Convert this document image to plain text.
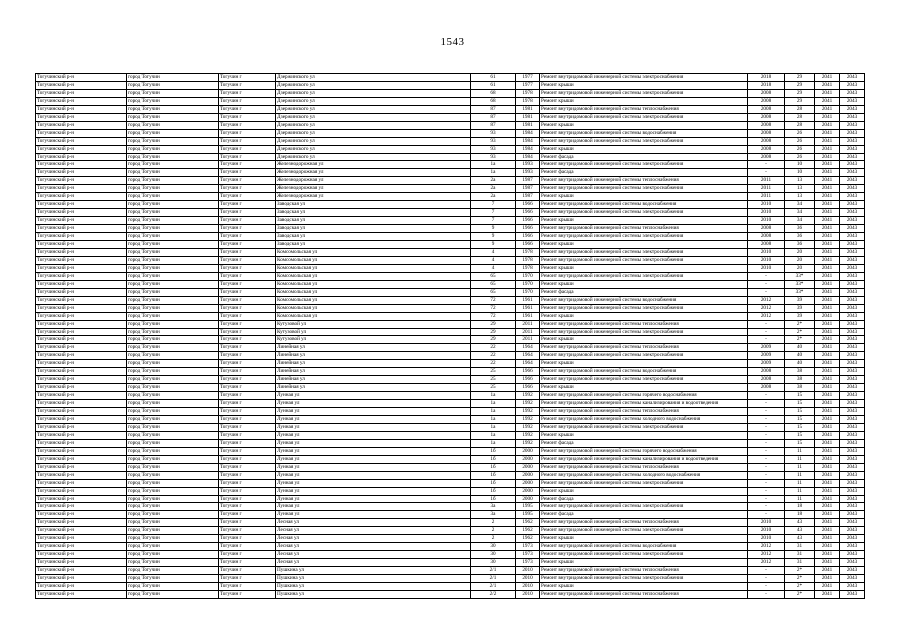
1543
Тогучинский р-н	город Тогучин	Тогучин г	Дзержинского ул	61	1977	Ремонт внутридомовой инженерной системы электроснабжения	2018	29	2041	2043
Тогучинский р-н	город Тогучин	Тогучин г	Дзержинского ул	61	1977	Ремонт крыши	2018	29	2041	2043
Тогучинский р-н	город Тогучин	Тогучин г	Дзержинского ул	68	1978	Ремонт внутридомовой инженерной системы электроснабжения	2008	29	2041	2043
Тогучинский р-н	город Тогучин	Тогучин г	Дзержинского ул	68	1978	Ремонт крыши	2008	29	2041	2043
Тогучинский р-н	город Тогучин	Тогучин г	Дзержинского ул	87	1981	Ремонт внутридомовой инженерной системы теплоснабжения	2008	28	2041	2043
Тогучинский р-н	город Тогучин	Тогучин г	Дзержинского ул	87	1981	Ремонт внутридомовой инженерной системы электроснабжения	2008	28	2041	2043
Тогучинский р-н	город Тогучин	Тогучин г	Дзержинского ул	87	1981	Ремонт крыши	2008	28	2041	2043
Тогучинский р-н	город Тогучин	Тогучин г	Дзержинского ул	93	1984	Ремонт внутридомовой инженерной системы водоснабжения	2008	26	2041	2043
Тогучинский р-н	город Тогучин	Тогучин г	Дзержинского ул	93	1984	Ремонт внутридомовой инженерной системы электроснабжения	2008	26	2041	2043
Тогучинский р-н	город Тогучин	Тогучин г	Дзержинского ул	93	1984	Ремонт крыши	2008	26	2041	2043
Тогучинский р-н	город Тогучин	Тогучин г	Дзержинского ул	93	1984	Ремонт фасада	2008	26	2041	2043
Тогучинский р-н	город Тогучин	Тогучин г	Железнодорожная ул	1а	1993	Ремонт внутридомовой инженерной системы электроснабжения	-	10	2041	2043
Тогучинский р-н	город Тогучин	Тогучин г	Железнодорожная ул	1а	1993	Ремонт фасада	-	10	2041	2043
Тогучинский р-н	город Тогучин	Тогучин г	Железнодорожная ул	2а	1987	Ремонт внутридомовой инженерной системы теплоснабжения	2011	13	2041	2043
Тогучинский р-н	город Тогучин	Тогучин г	Железнодорожная ул	2а	1987	Ремонт внутридомовой инженерной системы электроснабжения	2011	13	2041	2043
Тогучинский р-н	город Тогучин	Тогучин г	Железнодорожная ул	2а	1987	Ремонт крыши	2011	13	2041	2043
Тогучинский р-н	город Тогучин	Тогучин г	Заводская ул	7	1966	Ремонт внутридомовой инженерной системы водоснабжения	2010	34	2041	2043
Тогучинский р-н	город Тогучин	Тогучин г	Заводская ул	7	1966	Ремонт внутридомовой инженерной системы электроснабжения	2010	34	2041	2043
Тогучинский р-н	город Тогучин	Тогучин г	Заводская ул	7	1966	Ремонт крыши	2010	34	2041	2043
Тогучинский р-н	город Тогучин	Тогучин г	Заводская ул	9	1966	Ремонт внутридомовой инженерной системы теплоснабжения	2008	36	2041	2043
Тогучинский р-н	город Тогучин	Тогучин г	Заводская ул	9	1966	Ремонт внутридомовой инженерной системы электроснабжения	2008	36	2041	2043
Тогучинский р-н	город Тогучин	Тогучин г	Заводская ул	9	1966	Ремонт крыши	2008	36	2041	2043
Тогучинский р-н	город Тогучин	Тогучин г	Комсомольская ул	4	1978	Ремонт внутридомовой инженерной системы электроснабжения	2010	20	2041	2043
Тогучинский р-н	город Тогучин	Тогучин г	Комсомольская ул	4	1978	Ремонт внутридомовой инженерной системы электроснабжения	2010	20	2041	2043
Тогучинский р-н	город Тогучин	Тогучин г	Комсомольская ул	4	1978	Ремонт крыши	2010	20	2041	2043
Тогучинский р-н	город Тогучин	Тогучин г	Комсомольская ул	65	1970	Ремонт внутридомовой инженерной системы электроснабжения	-	33*	2041	2043
Тогучинский р-н	город Тогучин	Тогучин г	Комсомольская ул	65	1970	Ремонт крыши	-	33*	2041	2043
Тогучинский р-н	город Тогучин	Тогучин г	Комсомольская ул	65	1970	Ремонт фасада	-	33*	2041	2043
Тогучинский р-н	город Тогучин	Тогучин г	Комсомольская ул	72	1961	Ремонт внутридомовой инженерной системы водоснабжения	2012	39	2041	2043
Тогучинский р-н	город Тогучин	Тогучин г	Комсомольская ул	72	1961	Ремонт внутридомовой инженерной системы электроснабжения	2012	39	2041	2043
Тогучинский р-н	город Тогучин	Тогучин г	Комсомольская ул	72	1961	Ремонт крыши	2012	39	2041	2043
Тогучинский р-н	город Тогучин	Тогучин г	Кутузовой ул	29	2011	Ремонт внутридомовой инженерной системы теплоснабжения	-	2*	2041	2043
Тогучинский р-н	город Тогучин	Тогучин г	Кутузовой ул	29	2011	Ремонт внутридомовой инженерной системы электроснабжения	-	2*	2041	2043
Тогучинский р-н	город Тогучин	Тогучин г	Кутузовой ул	29	2011	Ремонт крыши	-	2*	2041	2043
Тогучинский р-н	город Тогучин	Тогучин г	Линейная ул	22	1964	Ремонт внутридомовой инженерной системы теплоснабжения	2009	40	2041	2043
Тогучинский р-н	город Тогучин	Тогучин г	Линейная ул	22	1964	Ремонт внутридомовой инженерной системы электроснабжения	2009	40	2041	2043
Тогучинский р-н	город Тогучин	Тогучин г	Линейная ул	22	1964	Ремонт крыши	2009	40	2041	2043
Тогучинский р-н	город Тогучин	Тогучин г	Линейная ул	25	1966	Ремонт внутридомовой инженерной системы водоснабжения	2008	38	2041	2043
Тогучинский р-н	город Тогучин	Тогучин г	Линейная ул	25	1966	Ремонт внутридомовой инженерной системы электроснабжения	2008	38	2041	2043
Тогучинский р-н	город Тогучин	Тогучин г	Линейная ул	25	1966	Ремонт крыши	2008	38	2041	2043
Тогучинский р-н	город Тогучин	Тогучин г	Лунная ул	1а	1992	Ремонт внутридомовой инженерной системы горячего водоснабжения	-	15	2041	2043
Тогучинский р-н	город Тогучин	Тогучин г	Лунная ул	1а	1992	Ремонт внутридомовой инженерной системы канализирования и водоотведения	-	15	2041	2043
Тогучинский р-н	город Тогучин	Тогучин г	Лунная ул	1а	1992	Ремонт внутридомовой инженерной системы теплоснабжения	-	15	2041	2043
Тогучинский р-н	город Тогучин	Тогучин г	Лунная ул	1а	1992	Ремонт внутридомовой инженерной системы холодного водоснабжения	-	15	2041	2043
Тогучинский р-н	город Тогучин	Тогучин г	Лунная ул	1а	1992	Ремонт внутридомовой инженерной системы электроснабжения	-	15	2041	2043
Тогучинский р-н	город Тогучин	Тогучин г	Лунная ул	1а	1992	Ремонт крыши	-	15	2041	2043
Тогучинский р-н	город Тогучин	Тогучин г	Лунная ул	1а	1992	Ремонт фасада	-	15	2041	2043
Тогучинский р-н	город Тогучин	Тогучин г	Лунная ул	1б	2000	Ремонт внутридомовой инженерной системы горячего водоснабжения	-	11	2041	2043
Тогучинский р-н	город Тогучин	Тогучин г	Лунная ул	1б	2000	Ремонт внутридомовой инженерной системы канализирования и водоотведения	-	11	2041	2043
Тогучинский р-н	город Тогучин	Тогучин г	Лунная ул	1б	2000	Ремонт внутридомовой инженерной системы теплоснабжения	-	11	2041	2043
Тогучинский р-н	город Тогучин	Тогучин г	Лунная ул	1б	2000	Ремонт внутридомовой инженерной системы холодного водоснабжения	-	11	2041	2043
Тогучинский р-н	город Тогучин	Тогучин г	Лунная ул	1б	2000	Ремонт внутридомовой инженерной системы электроснабжения	-	11	2041	2043
Тогучинский р-н	город Тогучин	Тогучин г	Лунная ул	1б	2000	Ремонт крыши	-	11	2041	2043
Тогучинский р-н	город Тогучин	Тогучин г	Лунная ул	1б	2000	Ремонт фасада	-	11	2041	2043
Тогучинский р-н	город Тогучин	Тогучин г	Лунная ул	3а	1995	Ремонт внутридомовой инженерной системы электроснабжения	-	18	2041	2043
Тогучинский р-н	город Тогучин	Тогучин г	Лунная ул	3а	1995	Ремонт фасада	-	18	2041	2043
Тогучинский р-н	город Тогучин	Тогучин г	Лесная ул	2	1962	Ремонт внутридомовой инженерной системы теплоснабжения	2010	43	2041	2043
Тогучинский р-н	город Тогучин	Тогучин г	Лесная ул	2	1962	Ремонт внутридомовой инженерной системы электроснабжения	2010	43	2041	2043
Тогучинский р-н	город Тогучин	Тогучин г	Лесная ул	2	1962	Ремонт крыши	2010	43	2041	2043
Тогучинский р-н	город Тогучин	Тогучин г	Лесная ул	30	1973	Ремонт внутридомовой инженерной системы водоснабжения	2012	31	2041	2043
Тогучинский р-н	город Тогучин	Тогучин г	Лесная ул	30	1973	Ремонт внутридомовой инженерной системы электроснабжения	2012	31	2041	2043
Тогучинский р-н	город Тогучин	Тогучин г	Лесная ул	30	1973	Ремонт крыши	2012	31	2041	2043
Тогучинский р-н	город Тогучин	Тогучин г	Пушкина ул	2/1	2010	Ремонт внутридомовой инженерной системы теплоснабжения	-	2*	2041	2043
Тогучинский р-н	город Тогучин	Тогучин г	Пушкина ул	2/1	2010	Ремонт внутридомовой инженерной системы электроснабжения	-	2*	2041	2043
Тогучинский р-н	город Тогучин	Тогучин г	Пушкина ул	2/1	2010	Ремонт крыши	-	2*	2041	2043
Тогучинский р-н	город Тогучин	Тогучин г	Пушкина ул	2/2	2010	Ремонт внутридомовой инженерной системы теплоснабжения	-	2*	2041	2043
